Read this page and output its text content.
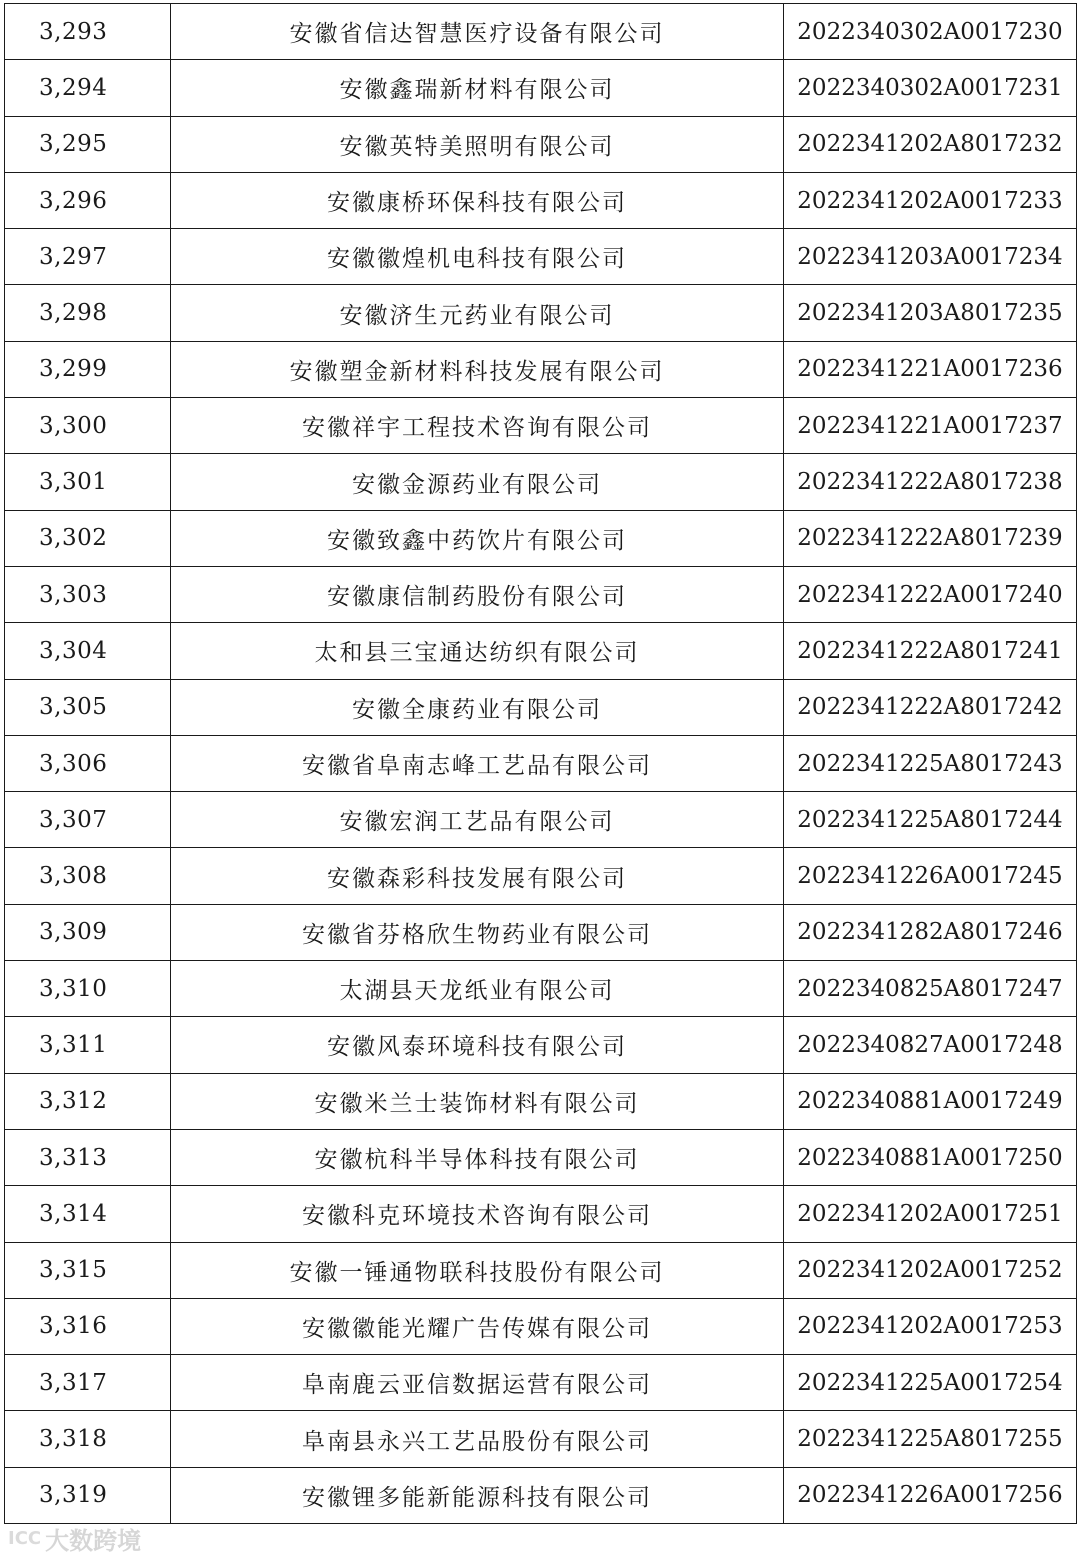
3,293	安徽省信达智慧医疗设备有限公司	2022340302A0017230
3,294	安徽鑫瑞新材料有限公司	2022340302A0017231
3,295	安徽英特美照明有限公司	2022341202A8017232
3,296	安徽康桥环保科技有限公司	2022341202A0017233
3,297	安徽徽煌机电科技有限公司	2022341203A0017234
3,298	安徽济生元药业有限公司	2022341203A8017235
3,299	安徽塑金新材料科技发展有限公司	2022341221A0017236
3,300	安徽祥宇工程技术咨询有限公司	2022341221A0017237
3,301	安徽金源药业有限公司	2022341222A8017238
3,302	安徽致鑫中药饮片有限公司	2022341222A8017239
3,303	安徽康信制药股份有限公司	2022341222A0017240
3,304	太和县三宝通达纺织有限公司	2022341222A8017241
3,305	安徽全康药业有限公司	2022341222A8017242
3,306	安徽省阜南志峰工艺品有限公司	2022341225A8017243
3,307	安徽宏润工艺品有限公司	2022341225A8017244
3,308	安徽森彩科技发展有限公司	2022341226A0017245
3,309	安徽省芬格欣生物药业有限公司	2022341282A8017246
3,310	太湖县天龙纸业有限公司	2022340825A8017247
3,311	安徽风泰环境科技有限公司	2022340827A0017248
3,312	安徽米兰士装饰材料有限公司	2022340881A0017249
3,313	安徽杭科半导体科技有限公司	2022340881A0017250
3,314	安徽科克环境技术咨询有限公司	2022341202A0017251
3,315	安徽一锤通物联科技股份有限公司	2022341202A0017252
3,316	安徽徽能光耀广告传媒有限公司	2022341202A0017253
3,317	阜南鹿云亚信数据运营有限公司	2022341225A0017254
3,318	阜南县永兴工艺品股份有限公司	2022341225A8017255
3,319	安徽锂多能新能源科技有限公司	2022341226A0017256
ICC 大数跨境
